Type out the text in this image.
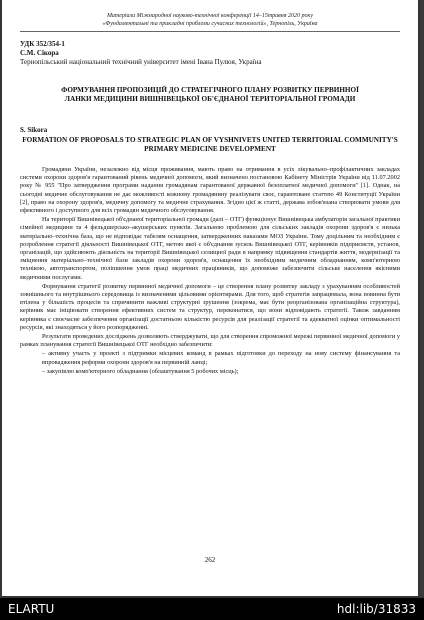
Матеріали Міжнародної науково-технічної конференції 14–15травня 2020 року
«Фундаментальні та прикладні проблеми сучасних технологій», Тернопіль, Україна
УДК 352/354-1
С.М. Сікора
Тернопільський національний технічний університет імені Івана Пулюя, Україна
ФОРМУВАННЯ ПРОПОЗИЦІЙ ДО СТРАТЕГІЧНОГО ПЛАНУ РОЗВИТКУ ПЕРВИННОЇ ЛАНКИ МЕДИЦИНИ ВИШНІВЕЦЬКОЇ ОБ'ЄДНАНОЇ ТЕРИТОРІАЛЬНОЇ ГРОМАДИ
S. Sikora
FORMATION OF PROPOSALS TO STRATEGIC PLAN OF VYSHNIVETS UNITED TERRITORIAL COMMUNITY'S PRIMARY MEDICINE DEVELOPMENT

Громадяни України, незалежно від місця проживання, мають право на отримання в усіх лікувально–профілактичних закладах системи охорони здоров'я гарантований рівень медичної допомоги, який визначено постановою Кабінету Міністрів України від 11.07.2002 року № 955 "Про затвердження програми надання громадянам гарантованої державної безоплатної медичної допомоги" [1]. Однак, на сьогодні медичне обслуговування не дає можливості кожному громадянину реалізувати своє, гарантоване статтею 49 Конституції України [2], право на охорону здоров'я, медичну допомогу та медичне страхування. Згідно цієї ж статті, держава зобов'язана створювати умови для ефективного і доступного для всіх громадян медичного обслуговування.

На території Вишнівецької об'єднаної територіальної громади (далі – ОТГ) функціонує Вишнівецька амбулаторія загальної практики сімейної медицини та 4 фельдшерсько–акушерських пунктів. Загальною проблемою для сільських закладів охорони здоров'я є низька матеріально–технічна база, що не відповідає табелям оснащення, затвердженних наказами МОЗ України. Тому доцільним та необхідним є розроблення стратегії діяльності Вишнівецької ОТГ, метою якої є об'єднання зусиль Вишнівецької ОТГ, керівників підприємств, установ, організацій, що здійснюють діяльність на території Вишнівецької селищної ради в напрямку підвищення стандартів життя, модернізації та зміцнення матеріально–технічної бази закладів охорони здоров'я, оснащення їх необхідним медичним обладнанням, комп'ютерною технікою, автотранспортом, поліпшення умов праці медичних працівників, що допоможе забезпечити сільське населення якісними медичними послугами.

Формування стратегії розвитку первинної медичної допомоги – це створення плану розвитку закладу з урахуванням особливостей зовнішнього та внутрішнього середовища із визначеними цільовими орієнтирами. Для того, щоб стратегія запрацювала, вона повинна бути втілена у більшість процесів та спричинити важливі структурні зрушення (зокрема, має бути реорганізована організаційна структура), керівник має ініціювати створення ефективних систем та структур, переконатися, що вони відповідають стратегії. Також завданням керівника є своєчасне забезпечення організації достатньою кількістю ресурсів для реалізації стратегії та адекватної оцінки оптимальності ресурсів, які знаходяться у його розпорядженні.

Результати проведених досліджень дозволяють стверджувати, що для створення спроможної мережі первинної медичної допомоги у рамках планування стратегії Вишнівецької ОТГ необхідно забезпечити:

– активну участь у проекті з підтримки місцевих команд в рамках підготовки до переходу на нову систему фінансування та впровадження реформи охорони здоров'я на первинній ланці;

– закупівлю комп'ютерного обладнання (облаштування 5 робочих місць);

262
ELARTU	hdl:lib/31833
